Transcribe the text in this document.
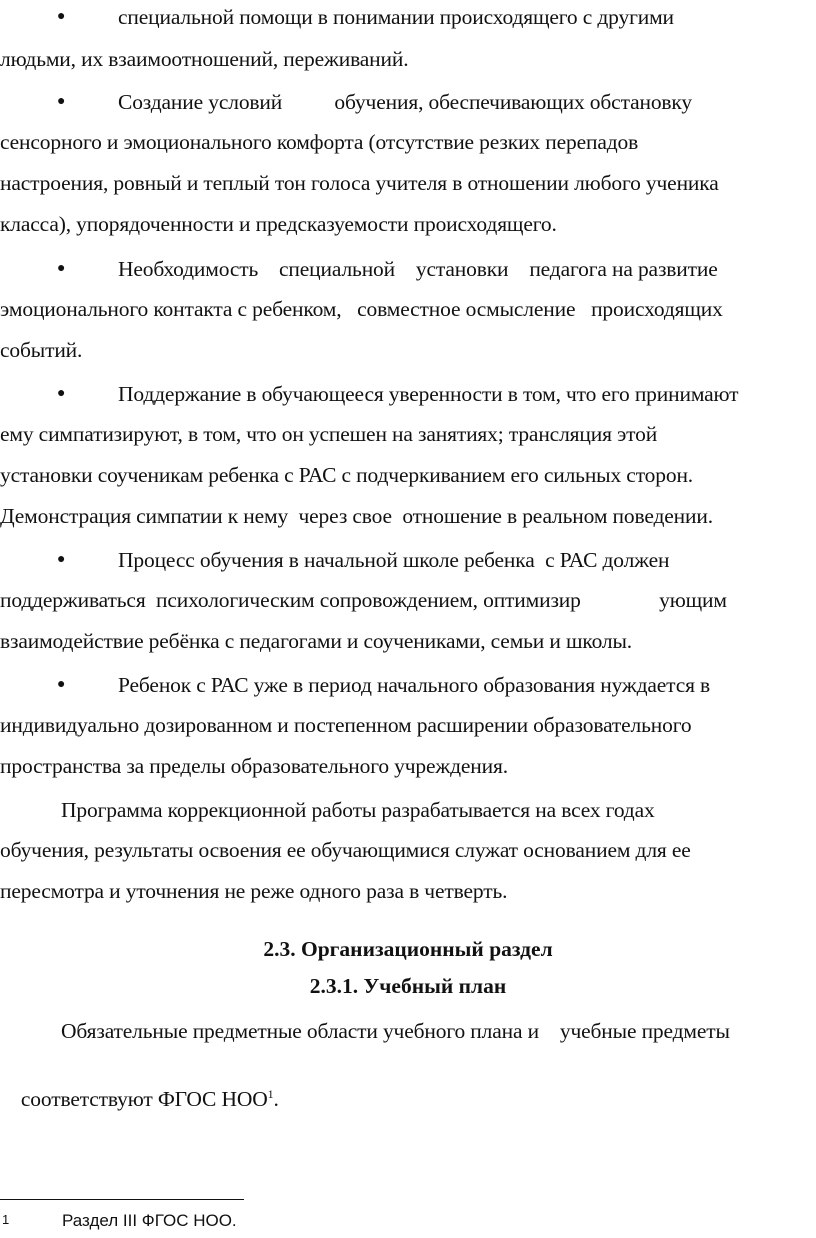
● специальной помощи в понимании происходящего с другими
людьми, их взаимоотношений, переживаний.
● Создание условий          обучения, обеспечивающих обстановку
сенсорного и эмоционального комфорта (отсутствие резких перепадов
настроения, ровный и теплый тон голоса учителя в отношении любого ученика
класса), упорядоченности и предсказуемости происходящего.
● Необходимость    специальной    установки    педагога на развитие
эмоционального контакта с ребенком,   совместное осмысление   происходящих
событий.
● Поддержание в обучающееся уверенности в том, что его принимают
ему симпатизируют, в том, что он успешен на занятиях; трансляция этой
установки соученикам ребенка с РАС с подчеркиванием его сильных сторон.
Демонстрация симпатии к нему  через свое  отношение в реальном поведении.
● Процесс обучения в начальной школе ребенка  с РАС должен
поддерживаться  психологическим сопровождением, оптимизир               ующим
взаимодействие ребёнка с педагогами и соучениками, семьи и школы.
● Ребенок с РАС уже в период начального образования нуждается в
индивидуально дозированном и постепенном расширении образовательного
пространства за пределы образовательного учреждения.
Программа коррекционной работы разрабатывается на всех годах
обучения, результаты освоения ее обучающимися служат основанием для ее
пересмотра и уточнения не реже одного раза в четверть.
2.3. Организационный раздел
2.3.1. Учебный план
Обязательные предметные области учебного плана и    учебные предметы

соответствуют ФГОС НОО$^1$.

1	Раздел III ФГОС НОО.
